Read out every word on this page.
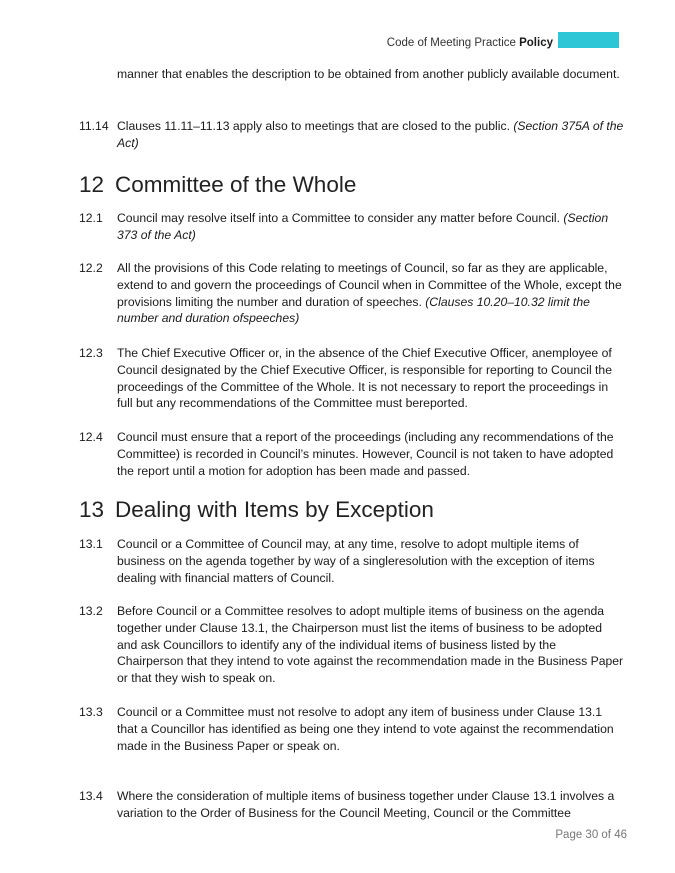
Code of Meeting Practice Policy
manner that enables the description to be obtained from another publicly available document.
11.14 Clauses 11.11–11.13 apply also to meetings that are closed to the public. (Section 375A of the Act)
12 Committee of the Whole
12.1	Council may resolve itself into a Committee to consider any matter before Council. (Section 373 of the Act)
12.2	All the provisions of this Code relating to meetings of Council, so far as they are applicable, extend to and govern the proceedings of Council when in Committee of the Whole, except the provisions limiting the number and duration of speeches. (Clauses 10.20–10.32 limit the number and duration ofspeeches)
12.3	The Chief Executive Officer or, in the absence of the Chief Executive Officer, anemployee of Council designated by the Chief Executive Officer, is responsible for reporting to Council the proceedings of the Committee of the Whole. It is not necessary to report the proceedings in full but any recommendations of the Committee must bereported.
12.4	Council must ensure that a report of the proceedings (including any recommendations of the Committee) is recorded in Council’s minutes. However, Council is not taken to have adopted the report until a motion for adoption has been made and passed.
13 Dealing with Items by Exception
13.1	Council or a Committee of Council may, at any time, resolve to adopt multiple items of business on the agenda together by way of a singleresolution with the exception of items dealing with financial matters of Council.
13.2	Before Council or a Committee resolves to adopt multiple items of business on the agenda together under Clause 13.1, the Chairperson must list the items of business to be adopted and ask Councillors to identify any of the individual items of business listed by the Chairperson that they intend to vote against the recommendation made in the Business Paper or that they wish to speak on.
13.3	Council or a Committee must not resolve to adopt any item of business under Clause 13.1 that a Councillor has identified as being one they intend to vote against the recommendation made in the Business Paper or speak on.
13.4	Where the consideration of multiple items of business together under Clause 13.1 involves a variation to the Order of Business for the Council Meeting, Council or the Committee
Page 30 of 46
